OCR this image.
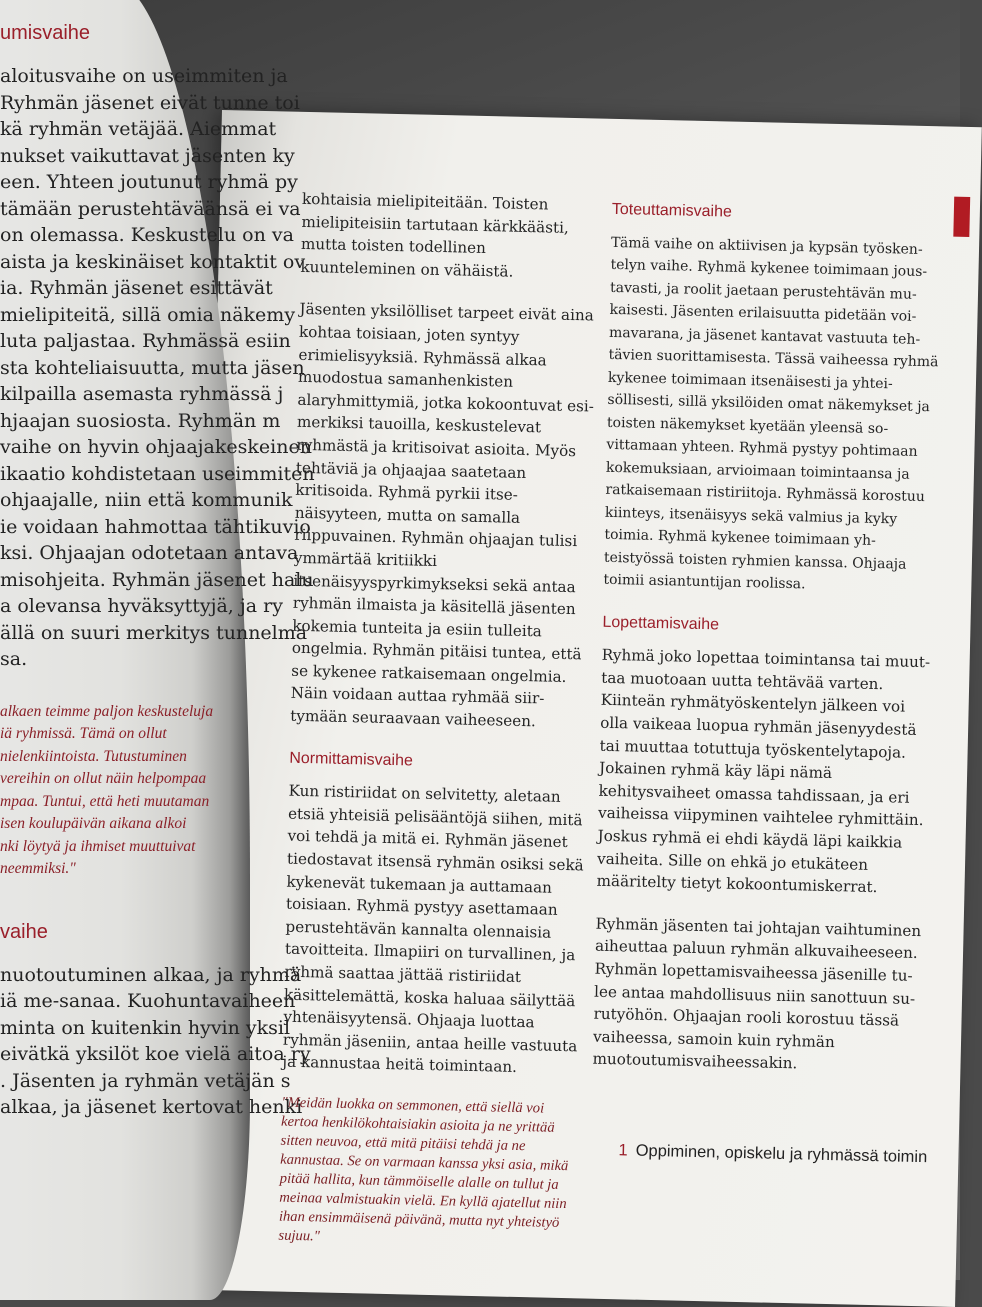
kohtaisia mielipiteitään. Toisten mielipiteisiin tartutaan kärkkäästi, mutta toisten todellinen kuunteleminen on vähäistä.

Jäsenten yksilölliset tarpeet eivät aina kohtaa toisiaan, joten syntyy erimielisyyksiä. Ryhmässä alkaa muodostua samanhenkisten alaryhmittymiä, jotka kokoontuvat esimerkiksi tauoilla, keskustelevat ryhmästä ja kritisoivat asioita. Myös tehtäviä ja ohjaajaa saatetaan kritisoida. Ryhmä pyrkii itsenäisyyteen, mutta on samalla riippuvainen. Ryhmän ohjaajan tulisi ymmärtää kritiikki itsenäisyyspyrkimykseksi sekä antaa ryhmän ilmaista ja käsitellä jäsenten kokemia tunteita ja esiin tulleita ongelmia. Ryhmän pitäisi tuntea, että se kykenee ratkaisemaan ongelmia. Näin voidaan auttaa ryhmää siirtymään seuraavaan vaiheeseen.

Normittamisvaihe

Kun ristiriidat on selvitetty, aletaan etsiä yhteisiä pelisääntöjä siihen, mitä voi tehdä ja mitä ei. Ryhmän jäsenet tiedostavat itsensä ryhmän osiksi sekä kykenevät tukemaan ja auttamaan toisiaan. Ryhmä pystyy asettamaan perustehtävän kannalta olennaisia tavoitteita. Ilmapiiri on turvallinen, ja ryhmä saattaa jättää ristiriidat käsittelemättä, koska haluaa säilyttää yhtenäisyytensä. Ohjaaja luottaa ryhmän jäseniin, antaa heille vastuuta ja kannustaa heitä toimintaan.

"Meidän luokka on semmonen, että siellä voi kertoa henkilökohtaisiakin asioita ja ne yrittää sitten neuvoa, että mitä pitäisi tehdä ja ne kannustaa. Se on varmaan kanssa yksi asia, mikä pitää hallita, kun tämmöiselle alalle on tullut ja meinaa valmistuakin vielä. En kyllä ajatellut niin ihan ensimmäisenä päivänä, mutta nyt yhteistyö sujuu."

Toteuttamisvaihe

Tämä vaihe on aktiivisen ja kypsän työskentelyn vaihe. Ryhmä kykenee toimimaan joustavasti, ja roolit jaetaan perustehtävän mukaisesti. Jäsenten erilaisuutta pidetään voimavarana, ja jäsenet kantavat vastuuta tehtävien suorittamisesta. Tässä vaiheessa ryhmä kykenee toimimaan itsenäisesti ja yhteisöllisesti, sillä yksilöiden omat näkemykset ja toisten näkemykset kyetään yleensä sovittamaan yhteen. Ryhmä pystyy pohtimaan kokemuksiaan, arvioimaan toimintaansa ja ratkaisemaan ristiriitoja. Ryhmässä korostuu kiinteys, itsenäisyys sekä valmius ja kyky toimia. Ryhmä kykenee toimimaan yhteistyössä toisten ryhmien kanssa. Ohjaaja toimii asiantuntijan roolissa.

Lopettamisvaihe

Ryhmä joko lopettaa toimintansa tai muuttaa muotoaan uutta tehtävää varten. Kiinteän ryhmätyöskentelyn jälkeen voi olla vaikeaa luopua ryhmän jäsenyydestä tai muuttaa totuttuja työskentelytapoja. Jokainen ryhmä käy läpi nämä kehitysvaiheet omassa tahdissaan, ja eri vaiheissa viipyminen vaihtelee ryhmittäin. Joskus ryhmä ei ehdi käydä läpi kaikkia vaiheita. Sille on ehkä jo etukäteen määritelty tietyt kokoontumiskerrat.

Ryhmän jäsenten tai johtajan vaihtuminen aiheuttaa paluun ryhmän alkuvaiheeseen. Ryhmän lopettamisvaiheessa jäsenille tulee antaa mahdollisuus niin sanottuun surutyöhön. Ohjaajan rooli korostuu tässä vaiheessa, samoin kuin ryhmän muotoutumisvaiheessakin.

1 Oppiminen, opiskelu ja ryhmässä toimin
umisvaihe

aloitusvaihe on useimmiten ja

Ryhmän jäsenet eivät tunne toi

kä ryhmän vetäjää. Aiemmat

nukset vaikuttavat jäsenten ky

een. Yhteen joutunut ryhmä py

tämään perustehtäväänsä ei va

on olemassa. Keskustelu on va

aista ja keskinäiset kontaktit ov

ia. Ryhmän jäsenet esittävät

mielipiteitä, sillä omia näkemy

luta paljastaa. Ryhmässä esiin

sta kohteliaisuutta, mutta jäsen

kilpailla asemasta ryhmässä j

hjaajan suosiosta. Ryhmän m

vaihe on hyvin ohjaajakeskeinen

ikaatio kohdistetaan useimmiten

ohjaajalle, niin että kommunik

ie voidaan hahmottaa tähtikuvio

ksi. Ohjaajan odotetaan antava

misohjeita. Ryhmän jäsenet halu

a olevansa hyväksyttyjä, ja ry

ällä on suuri merkitys tunnelma

sa.

alkaen teimme paljon keskusteluja

iä ryhmissä. Tämä on ollut

nielenkiintoista. Tutustuminen

vereihin on ollut näin helpompaa

mpaa. Tuntui, että heti muutaman

isen koulupäivän aikana alkoi

nki löytyä ja ihmiset muuttuivat

neemmiksi."

vaihe

nuotoutuminen alkaa, ja ryhmä

iä me-sanaa. Kuohuntavaiheen

minta on kuitenkin hyvin yksil

eivätkä yksilöt koe vielä aitoa ry

. Jäsenten ja ryhmän vetäjän s

alkaa, ja jäsenet kertovat henki
